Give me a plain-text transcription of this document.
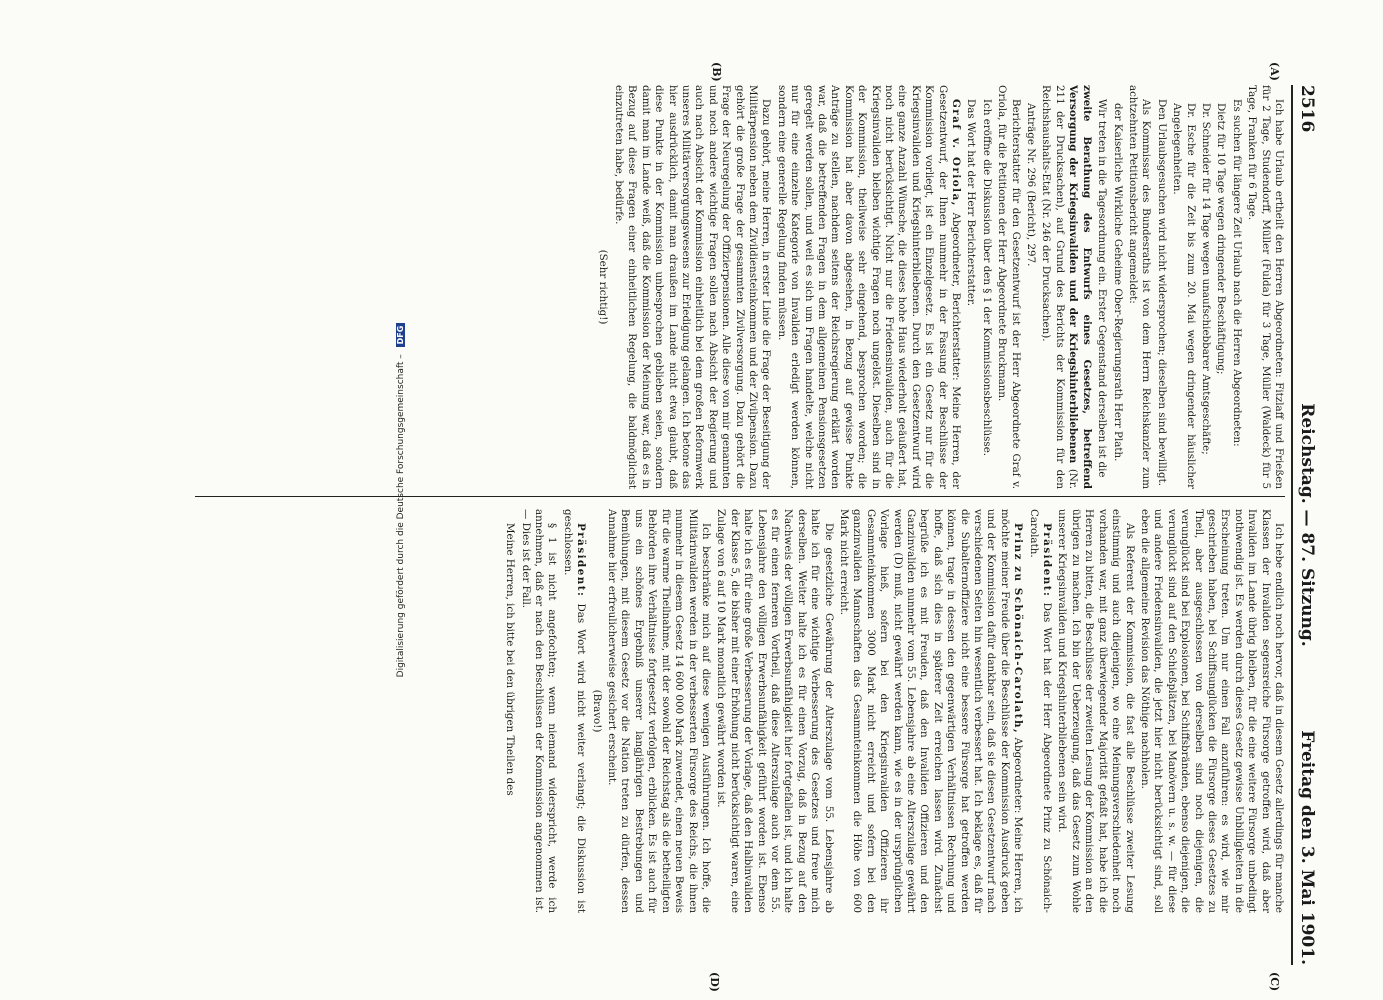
2516
Reichstag. — 87. Sitzung.
Freitag den 3. Mai 1901.
(A)
(B)
(C)
(D)

Ich habe Urlaub ertheilt den Herren Abgeordneten: Fitzlaff und Frießen für 2 Tage, Studendorff, Müller (Fulda) für 3 Tage, Müller (Waldeck) für 5 Tage, Franken für 6 Tage.

Es suchen für längere Zeit Urlaub nach die Herren Abgeordneten:

Dietz für 10 Tage wegen dringender Beschäftigung;

Dr. Schneider für 14 Tage wegen unaufschiebbarer Amtsgeschäfte;

Dr. Esche für die Zeit bis zum 20. Mai wegen dringender häuslicher Angelegenheiten.

Den Urlaubsgesuchen wird nicht widersprochen; dieselben sind bewilligt.

Als Kommissar des Bundesraths ist von dem Herrn Reichskanzler zum achtzehnten Petitionsbericht angemeldet:

der Kaiserliche Wirkliche Geheime Ober-Regierungsrath Herr Plath.

Wir treten in die Tagesordnung ein. Erster Gegenstand derselben ist die

zweite Berathung des Entwurfs eines Gesetzes, betreffend Versorgung der Kriegsinvaliden und der Kriegshinterbliebenen (Nr. 211 der Drucksachen), auf Grund des Berichts der Kommission für den Reichshaushalts-Etat (Nr. 246 der Drucksachen).

Anträge Nr. 296 (Bericht), 297.

Berichterstatter für den Gesetzentwurf ist der Herr Abgeordnete Graf v. Oriola, für die Petitionen der Herr Abgeordnete Bruckmann.

Ich eröffne die Diskussion über den § 1 der Kommissionsbeschlüsse.

Das Wort hat der Herr Berichterstatter.

Graf v. Oriola, Abgeordneter, Berichterstatter: Meine Herren, der Gesetzentwurf, der Ihnen nunmehr in der Fassung der Beschlüsse der Kommission vorliegt, ist ein Einzelgesetz. Es ist ein Gesetz nur für die Kriegsinvaliden und Kriegshinterbliebenen. Durch den Gesetzentwurf wird eine ganze Anzahl Wünsche, die dieses hohe Haus wiederholt geäußert hat, noch nicht berücksichtigt. Nicht nur die Friedensinvaliden, auch für die Kriegsinvaliden bleiben wichtige Fragen noch ungelöst. Dieselben sind in der Kommission, theilweise sehr eingehend, besprochen worden; die Kommission hat aber davon abgesehen, in Bezug auf gewisse Punkte Anträge zu stellen, nachdem seitens der Reichsregierung erklärt worden war, daß die betreffenden Fragen in dem allgemeinen Pensionsgesetzen geregelt werden sollen, und weil es sich um Fragen handelte, welche nicht nur für eine einzelne Kategorie von Invaliden erledigt werden können, sondern eine generelle Regelung finden müssen.

Dazu gehört, meine Herren, in erster Linie die Frage der Beseitigung der Militärpension neben dem Zivildiensteinkommen und der Zivilpension. Dazu gehört die große Frage der gesammten Zivilversorgung. Dazu gehört die Frage der Neuregelung der Offizierpensionen. Alle diese von mir genannten und noch andere wichtige Fragen sollen nach Absicht der Regierung und auch nach Absicht der Kommission einheitlich bei dem großen Reformwerk unseres Militärversorgungswesens zur Erledigung gelangen. Ich betone das hier ausdrücklich, damit man draußen im Lande nicht etwa glaubt, daß diese Punkte in der Kommission unbesprochen geblieben seien, sondern damit man im Lande weiß, daß die Kommission der Meinung war, daß es in Bezug auf diese Fragen einer einheitlichen Regelung, die baldmöglichst einzutreten habe, bedürfe.

(Sehr richtig!)

Ich hebe endlich noch hervor, daß in diesem Gesetz allerdings für manche Klassen der Invaliden segensreiche Fürsorge getroffen wird, daß aber Invaliden im Lande übrig bleiben, für die eine weitere Fürsorge unbedingt nothwendig ist. Es werden durch dieses Gesetz gewisse Unbilligkeiten in die Erscheinung treten. Um nur einen Fall anzuführen: es wird, wie mir geschrieben haben, bei Schiffsunglücken die Fürsorge dieses Gesetzes zu Theil, aber ausgeschlossen von derselben sind noch diejenigen, die verunglückt sind bei Explosionen, bei Schiffsbränden, ebenso diejenigen, die verunglückt sind auf den Schießplätzen, bei Manövern u. s. w. — für diese und andere Friedensinvaliden, die jetzt hier nicht berücksichtigt sind, soll eben die allgemeine Revision das Nöthige nachholen.

Als Referent der Kommission, die fast alle Beschlüsse zweiter Lesung einstimmig und auch diejenigen, wo eine Meinungsverschiedenheit noch vorhanden war, mit ganz überwiegender Majorität gefaßt hat, habe ich die Herren zu bitten, die Beschlüsse der zweiten Lesung der Kommission an den übrigen zu machen. Ich bin der Ueberzeugung, daß das Gesetz zum Wohle unserer Kriegsinvaliden und Kriegshinterbliebenen sein wird.

Präsident: Das Wort hat der Herr Abgeordnete Prinz zu Schönaich-Carolath.

Prinz zu Schönaich-Carolath, Abgeordneter: Meine Herren, ich möchte meiner Freude über die Beschlüsse der Kommission Ausdruck geben und der Kommission dafür dankbar sein, daß sie diesen Gesetzentwurf nach verschiedenen Seiten hin wesentlich verbessert hat. Ich beklage es, daß für die Subalternoffiziere nicht eine bessere Fürsorge hat getroffen werden können, trage in dessen den gegenwärtigen Verhältnissen Rechnung und hoffe, daß sich dies in späterer Zeit erreichen lassen wird. Zunächst begrüße ich es mit Freuden, daß den Invaliden Offizieren und den Ganzinvaliden nunmehr vom 55. Lebensjahre ab eine Alterszulage gewährt werden (D) muß, nicht gewährt werden kann, wie es in der ursprünglichen Vorlage hieß, sofern bei den Kriegsinvaliden Offizieren ihr Gesammteinkommen 3000 Mark nicht erreicht und sofern bei den ganzinvaliden Mannschaften das Gesammteinkommen die Höhe von 600 Mark nicht erreicht.

Die gesetzliche Gewährung der Alterszulage vom 55. Lebensjahre ab halte ich für eine wichtige Verbesserung des Gesetzes und freue mich derselben. Weiter halte ich es für einen Vorzug, daß in Bezug auf den Nachweis der völligen Erwerbsunfähigkeit hier fortgefallen ist, und ich halte es für einen ferneren Vortheil, daß diese Alterszulage auch vor dem 55. Lebensjahre den völligen Erwerbsunfähigkeit geführt worden ist. Ebenso halte ich es für eine große Verbesserung der Vorlage, daß den Halbinvaliden der Klasse 5, die bisher mit einer Erhöhung nicht berücksichtigt waren, eine Zulage von 6 auf 10 Mark monatlich gewährt worden ist.

Ich beschränke mich auf diese wenigen Ausführungen. Ich hoffe, die Militärinvaliden werden in der verbesserten Fürsorge des Reichs, die ihnen nunmehr in diesem Gesetz 14 600 000 Mark zuwendet, einen neuen Beweis für die warme Theilnahme, mit der sowohl der Reichstag als die betheiligten Behörden ihre Verhältnisse fortgesetzt verfolgen, erblicken. Es ist auch für uns ein schönes Ergebniß unserer langjährigen Bestrebungen und Bemühungen, mit diesem Gesetz vor die Nation treten zu dürfen, dessen Annahme hier erfreulicherweise gesichert erscheint.

(Bravo!)

Präsident: Das Wort wird nicht weiter verlangt; die Diskussion ist geschlossen.

§ 1 ist nicht angefochten; wenn niemand widerspricht, werde ich annehmen, daß er nach den Beschlüssen der Kommission angenommen ist. — Dies ist der Fall.

Meine Herren, ich bitte bei den übrigen Theilen des

Digitalisierung gefördert durch die Deutsche Forschungsgemeinschaft – DFG
